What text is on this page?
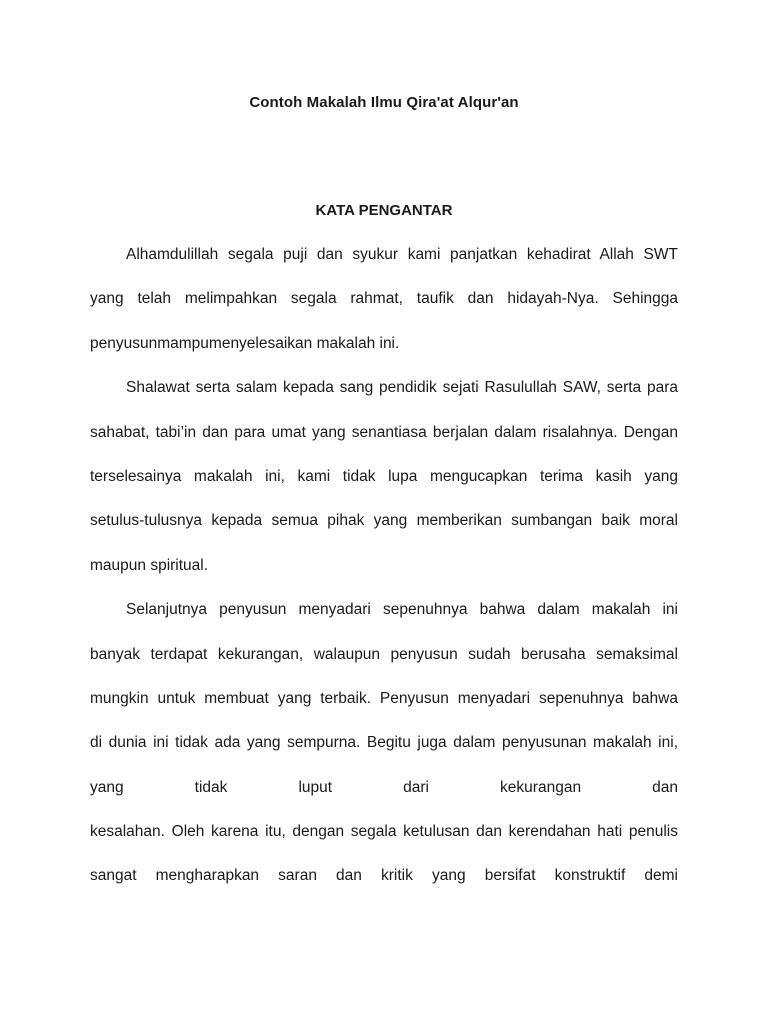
Contoh Makalah Ilmu Qira'at Alqur'an
KATA PENGANTAR
Alhamdulillah segala puji dan syukur kami panjatkan kehadirat Allah SWT
yang telah melimpahkan segala rahmat, taufik dan hidayah-Nya. Sehingga
penyusunmampumenyelesaikan makalah ini.
Shalawat serta salam kepada sang pendidik sejati Rasulullah SAW, serta para
sahabat, tabi’in dan para umat yang senantiasa berjalan dalam risalahnya. Dengan
terselesainya makalah ini, kami tidak lupa mengucapkan terima kasih yang
setulus-tulusnya kepada semua pihak yang memberikan sumbangan baik moral
maupun spiritual.
Selanjutnya penyusun menyadari sepenuhnya bahwa dalam makalah ini
banyak terdapat kekurangan, walaupun penyusun sudah berusaha semaksimal
mungkin untuk membuat yang terbaik. Penyusun menyadari sepenuhnya bahwa
di dunia ini tidak ada yang sempurna. Begitu juga dalam penyusunan makalah ini,
yang tidak luput dari kekurangan dan
kesalahan. Oleh karena itu, dengan segala ketulusan dan kerendahan hati penulis
sangat mengharapkan saran dan kritik yang bersifat konstruktif demi
